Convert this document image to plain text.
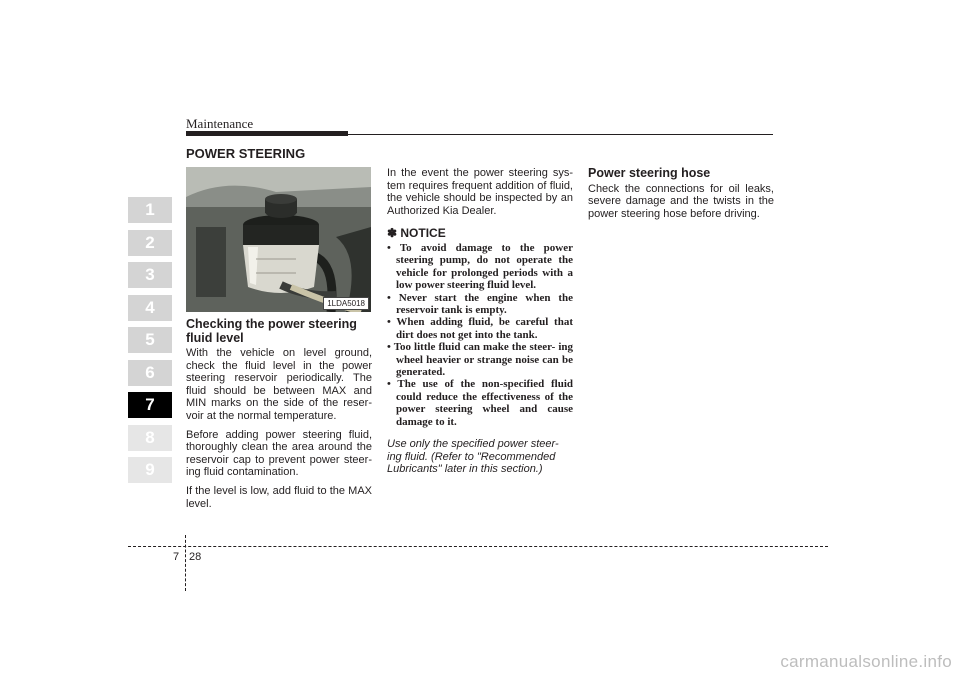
Maintenance
1
2
3
4
5
6
7
8
9
POWER STEERING
1LDA5018
Checking the power steering fluid level

With the vehicle on level ground, check the fluid level in the power steering reservoir periodically. The fluid should be between MAX and MIN marks on the side of the reser- voir at the normal temperature.

Before adding power steering fluid, thoroughly clean the area around the reservoir cap to prevent power steer- ing fluid contamination.

If the level is low, add fluid to the MAX level.

In the event the power steering sys- tem requires frequent addition of fluid, the vehicle should be inspected by an Authorized Kia Dealer.

✽ NOTICE
• To avoid damage to the power steering pump, do not operate the vehicle for prolonged periods with a low power steering fluid level.
• Never start the engine when the reservoir tank is empty.
• When adding fluid, be careful that dirt does not get into the tank.
• Too little fluid can make the steer- ing wheel heavier or strange noise can be generated.
• The use of the non-specified fluid could reduce the effectiveness of the power steering wheel and cause damage to it.

Use only the specified power steer- ing fluid. (Refer to "Recommended Lubricants" later in this section.)

Power steering hose

Check the connections for oil leaks, severe damage and the twists in the power steering hose before driving.

7 28
carmanualsonline.info
